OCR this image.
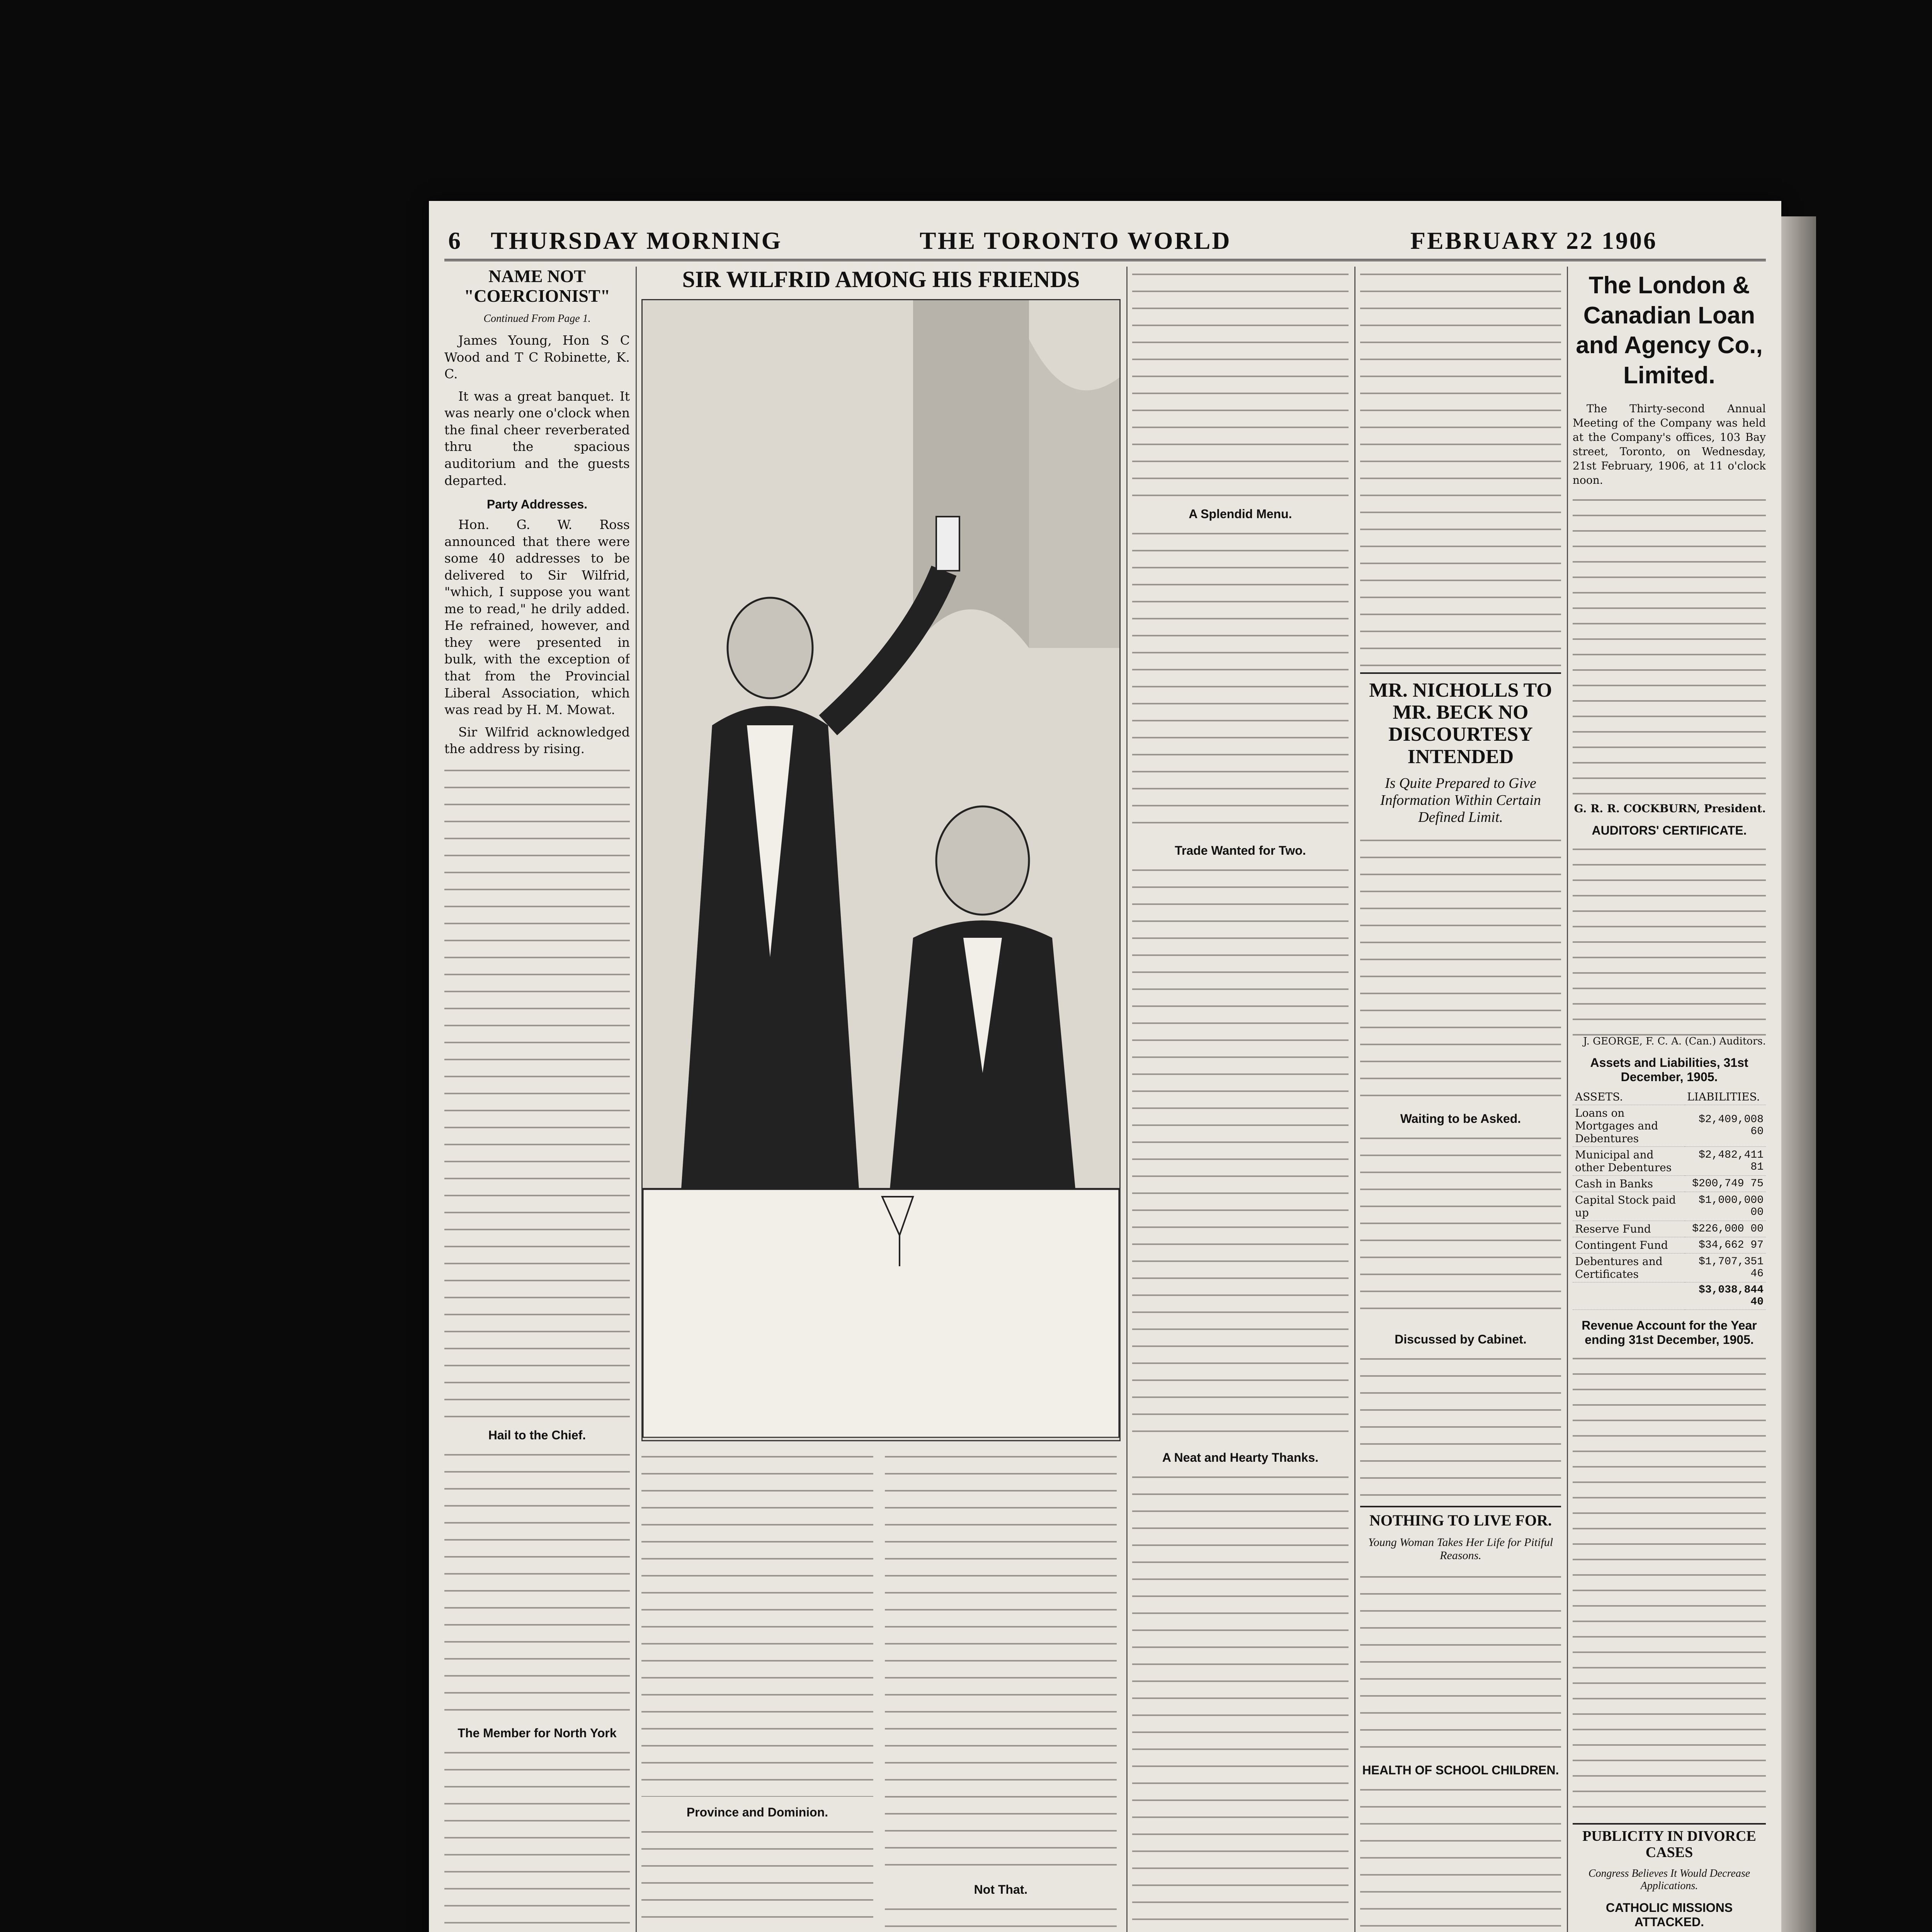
6 THURSDAY MORNING	THE TORONTO WORLD	FEBRUARY 22 1906
NAME NOT "COERCIONIST"
Continued From Page 1.

James Young, Hon S C Wood and T C Robinette, K. C.

It was a great banquet. It was nearly one o'clock when the final cheer reverberated thru the spacious auditorium and the guests departed.

Party Addresses.

Hon. G. W. Ross announced that there were some 40 addresses to be delivered to Sir Wilfrid, "which, I suppose you want me to read," he drily added. He refrained, however, and they were presented in bulk, with the exception of that from the Provincial Liberal Association, which was read by H. M. Mowat.

Sir Wilfrid acknowledged the address by rising.

Hail to the Chief.
The Member for North York
SIR WILFRID AMONG HIS FRIENDS
Province and Dominion.
Not That.
A Splendid Menu.
Trade Wanted for Two.
A Neat and Hearty Thanks.
MR. NICHOLLS TO MR. BECK NO DISCOURTESY INTENDED
Is Quite Prepared to Give Information Within Certain Defined Limit.
Waiting to be Asked.
Discussed by Cabinet.
NOTHING TO LIVE FOR.
Young Woman Takes Her Life for Pitiful Reasons.
HEALTH OF SCHOOL CHILDREN.
The London & Canadian Loan and Agency Co., Limited.

The Thirty-second Annual Meeting of the Company was held at the Company's offices, 103 Bay street, Toronto, on Wednesday, 21st February, 1906, at 11 o'clock noon.

G. R. R. COCKBURN, President.
AUDITORS' CERTIFICATE.
J. GEORGE, F. C. A. (Can.) Auditors.
Assets and Liabilities, 31st December, 1905.
ASSETS.	LIABILITIES.
Loans on Mortgages and Debentures	$2,409,008 60
Municipal and other Debentures	$2,482,411 81
Cash in Banks	$200,749 75
Capital Stock paid up	$1,000,000 00
Reserve Fund	$226,000 00
Contingent Fund	$34,662 97
Debentures and Certificates	$1,707,351 46
	$3,038,844 40
Revenue Account for the Year ending 31st December, 1905.
PUBLICITY IN DIVORCE CASES
Congress Believes It Would Decrease Applications.
CATHOLIC MISSIONS ATTACKED.
